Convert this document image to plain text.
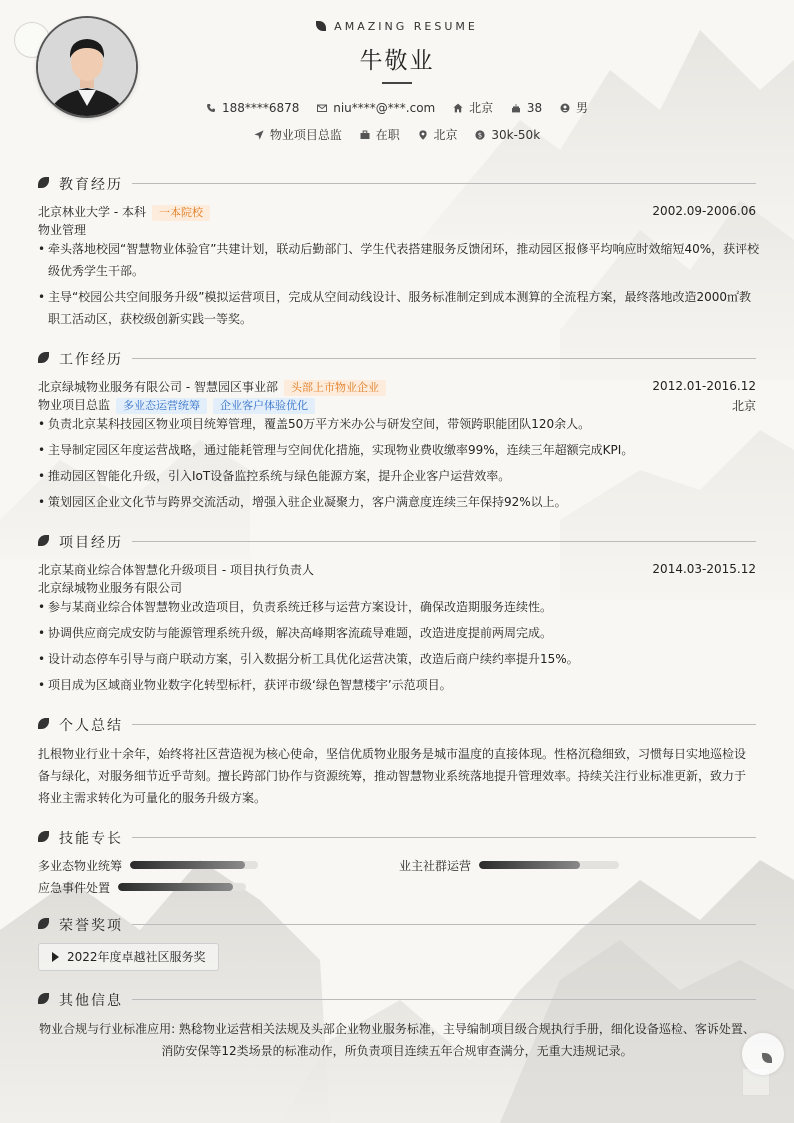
AMAZING RESUME
牛敬业
188****6878	niu****@***.com	北京	38	男
物业项目总监	在职	北京	$ 30k-50k
教育经历
北京林业大学 - 本科 一本院校	2002.09-2006.06
物业管理
• 牵头落地校园“智慧物业体验官”共建计划，联动后勤部门、学生代表搭建服务反馈闭环，推动园区报修平均响应时效缩短40%，获评校
级优秀学生干部。
• 主导“校园公共空间服务升级”模拟运营项目，完成从空间动线设计、服务标准制定到成本测算的全流程方案，最终落地改造2000㎡教
职工活动区，获校级创新实践一等奖。
工作经历
北京绿城物业服务有限公司 - 智慧园区事业部 头部上市物业企业	2012.01-2016.12
物业项目总监 多业态运营统筹 企业客户体验优化	北京
• 负责北京某科技园区物业项目统筹管理，覆盖50万平方米办公与研发空间，带领跨职能团队120余人。
• 主导制定园区年度运营战略，通过能耗管理与空间优化措施，实现物业费收缴率99%，连续三年超额完成KPI。
• 推动园区智能化升级，引入IoT设备监控系统与绿色能源方案，提升企业客户运营效率。
• 策划园区企业文化节与跨界交流活动，增强入驻企业凝聚力，客户满意度连续三年保持92%以上。
项目经历
北京某商业综合体智慧化升级项目 - 项目执行负责人	2014.03-2015.12
北京绿城物业服务有限公司
• 参与某商业综合体智慧物业改造项目，负责系统迁移与运营方案设计，确保改造期服务连续性。
• 协调供应商完成安防与能源管理系统升级，解决高峰期客流疏导难题，改造进度提前两周完成。
• 设计动态停车引导与商户联动方案，引入数据分析工具优化运营决策，改造后商户续约率提升15%。
• 项目成为区域商业物业数字化转型标杆，获评市级‘绿色智慧楼宇’示范项目。
个人总结
扎根物业行业十余年，始终将社区营造视为核心使命，坚信优质物业服务是城市温度的直接体现。性格沉稳细致，习惯每日实地巡检设
备与绿化，对服务细节近乎苛刻。擅长跨部门协作与资源统筹，推动智慧物业系统落地提升管理效率。持续关注行业标准更新，致力于
将业主需求转化为可量化的服务升级方案。
技能专长
多业态物业统筹	业主社群运营
应急事件处置
荣誉奖项
2022年度卓越社区服务奖
其他信息
物业合规与行业标准应用: 熟稔物业运营相关法规及头部企业物业服务标准，主导编制项目级合规执行手册，细化设备巡检、客诉处置、
消防安保等12类场景的标准动作，所负责项目连续五年合规审查满分，无重大违规记录。
